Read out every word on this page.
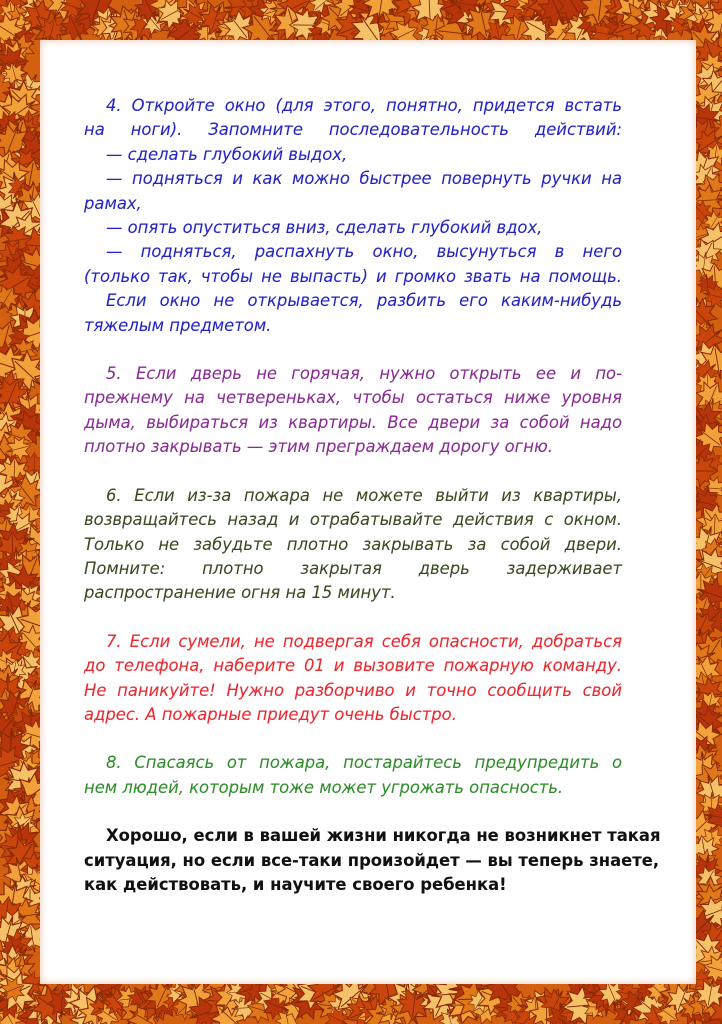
4. Откройте окно (для этого, понятно, придется встать
на ноги). Запомните последовательность действий:
— сделать глубокий выдох,
— подняться и как можно быстрее повернуть ручки на
рамах,
— опять опуститься вниз, сделать глубокий вдох,
— подняться, распахнуть окно, высунуться в него
(только так, чтобы не выпасть) и громко звать на помощь.
Если окно не открывается, разбить его каким-нибудь
тяжелым предметом.

5. Если дверь не горячая, нужно открыть ее и по-
прежнему на четвереньках, чтобы остаться ниже уровня
дыма, выбираться из квартиры. Все двери за собой надо
плотно закрывать — этим преграждаем дорогу огню.

6. Если из-за пожара не можете выйти из квартиры,
возвращайтесь назад и отрабатывайте действия с окном.
Только не забудьте плотно закрывать за собой двери.
Помните: плотно закрытая дверь задерживает
распространение огня на 15 минут.

7. Если сумели, не подвергая себя опасности, добраться
до телефона, наберите 01 и вызовите пожарную команду.
Не паникуйте! Нужно разборчиво и точно сообщить свой
адрес. А пожарные приедут очень быстро.

8. Спасаясь от пожара, постарайтесь предупредить о
нем людей, которым тоже может угрожать опасность.

Хорошо, если в вашей жизни никогда не возникнет такая
ситуация, но если все-таки произойдет — вы теперь знаете,
как действовать, и научите своего ребенка!
